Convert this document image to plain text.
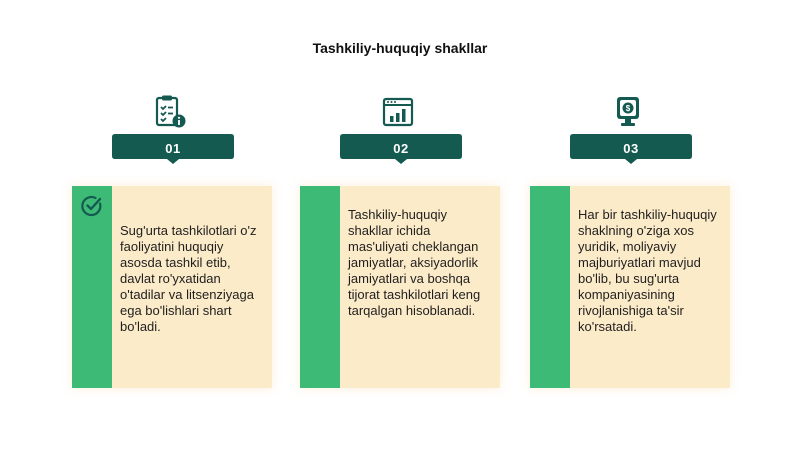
Tashkiliy-huquqiy shakllar
01
Sug'urta tashkilotlari o'z faoliyatini huquqiy asosda tashkil etib, davlat ro'yxatidan o'tadilar va litsenziyaga ega bo'lishlari shart bo'ladi.
02
Tashkiliy-huquqiy shakllar ichida mas'uliyati cheklangan jamiyatlar, aksiyadorlik jamiyatlari va boshqa tijorat tashkilotlari keng tarqalgan hisoblanadi.
$
03
Har bir tashkiliy-huquqiy shaklning o'ziga xos yuridik, moliyaviy majburiyatlari mavjud bo'lib, bu sug'urta kompaniyasining rivojlanishiga ta'sir ko'rsatadi.
